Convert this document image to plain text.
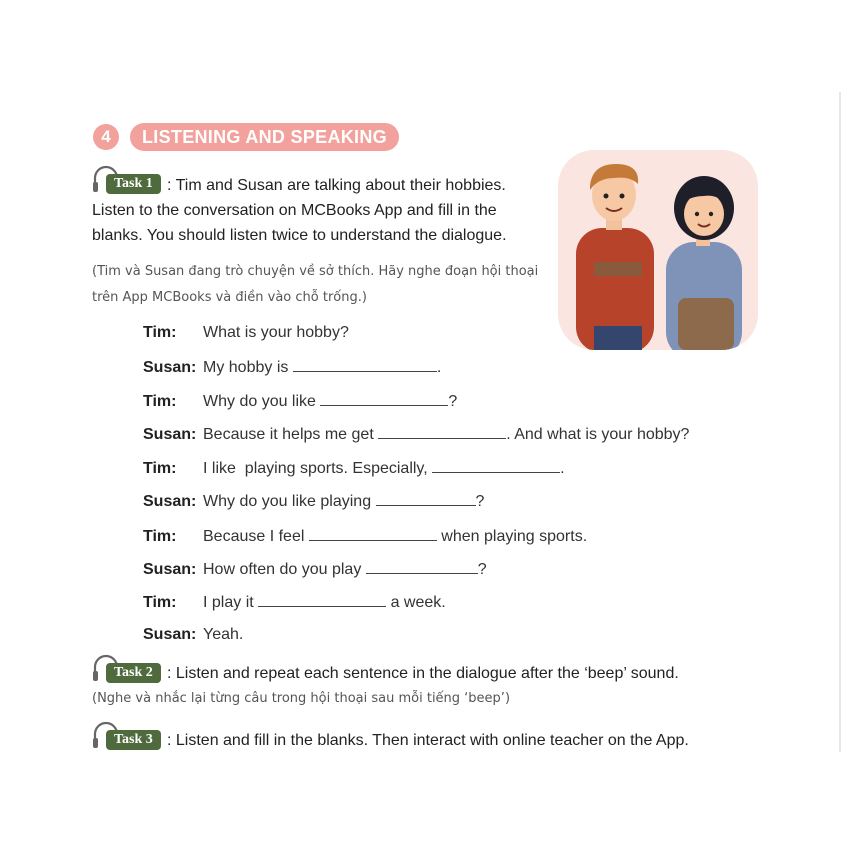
4	LISTENING AND SPEAKING
Task 1 : Tim and Susan are talking about their hobbies.
Listen to the conversation on MCBooks App and fill in the
blanks. You should listen twice to understand the dialogue.
(Tim và Susan đang trò chuyện về sở thích. Hãy nghe đoạn hội thoại
trên App MCBooks và điền vào chỗ trống.)
Tim: What is your hobby?
Susan: My hobby is	.
Tim: Why do you like	?
Susan: Because it helps me get	. And what is your hobby?
Tim: I like  playing sports. Especially,	.
Susan: Why do you like playing	?
Tim: Because I feel	when playing sports.
Susan: How often do you play	?
Tim: I play it	a week.
Susan: Yeah.
Task 2 : Listen and repeat each sentence in the dialogue after the ‘beep’ sound.
(Nghe và nhắc lại từng câu trong hội thoại sau mỗi tiếng ‘beep’)
Task 3 : Listen and fill in the blanks. Then interact with online teacher on the App.
